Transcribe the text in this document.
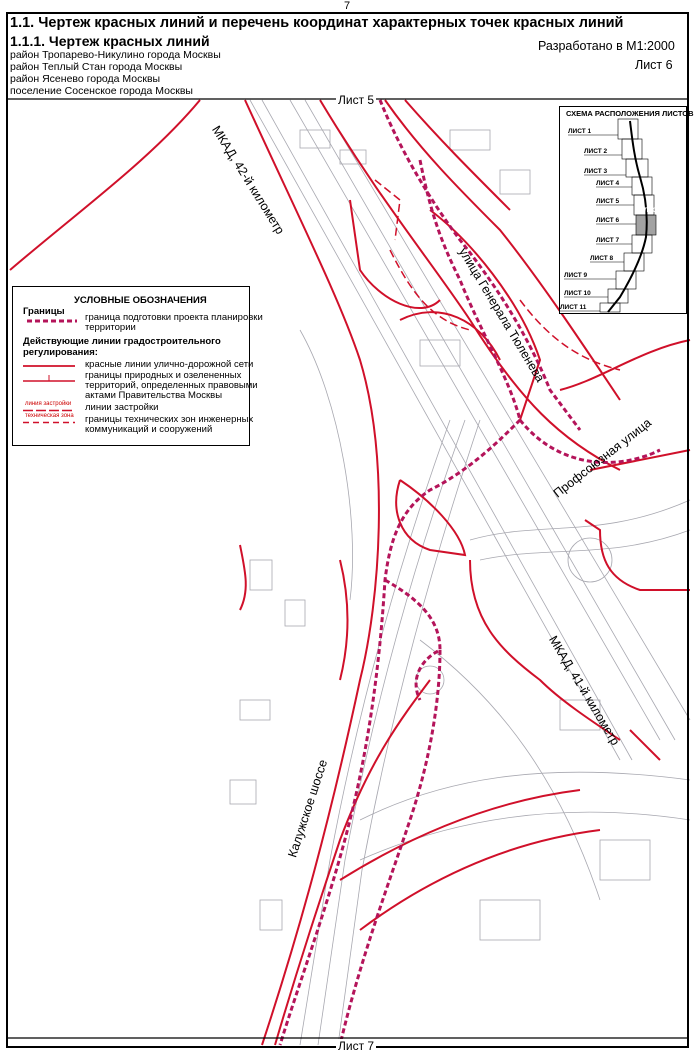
7
1.1. Чертеж красных линий и перечень координат характерных точек красных линий
1.1.1. Чертеж красных линий
район Тропарево-Никулино города Москвы
район Теплый Стан города Москвы
район Ясенево города Москвы
поселение Сосенское города Москвы
Разработано в М1:2000
Лист 6
Лист 5
Лист 7
МКАД, 42-й километр
улица Генерала Тюленева
Профсоюзная улица
МКАД, 41-й километр
Калужское шоссе
УСЛОВНЫЕ ОБОЗНАЧЕНИЯ
Границы
граница подготовки проекта планировки
территории
Действующие линии градостроительного
регулирования:
красные линии улично-дорожной сети
границы природных и озелененных
территорий, определенных правовыми
актами Правительства Москвы
линия застройки линии застройки
техническая зона границы технических зон инженерных
коммуникаций и сооружений
СХЕМА РАСПОЛОЖЕНИЯ ЛИСТОВ
ЛИСТ 1
ЛИСТ 2
ЛИСТ 3
ЛИСТ 4
ЛИСТ 5
ЛИСТ 6
ЛИСТ 7
ЛИСТ 8
ЛИСТ 9
ЛИСТ 10
ЛИСТ 11
ЛИСТ 6
